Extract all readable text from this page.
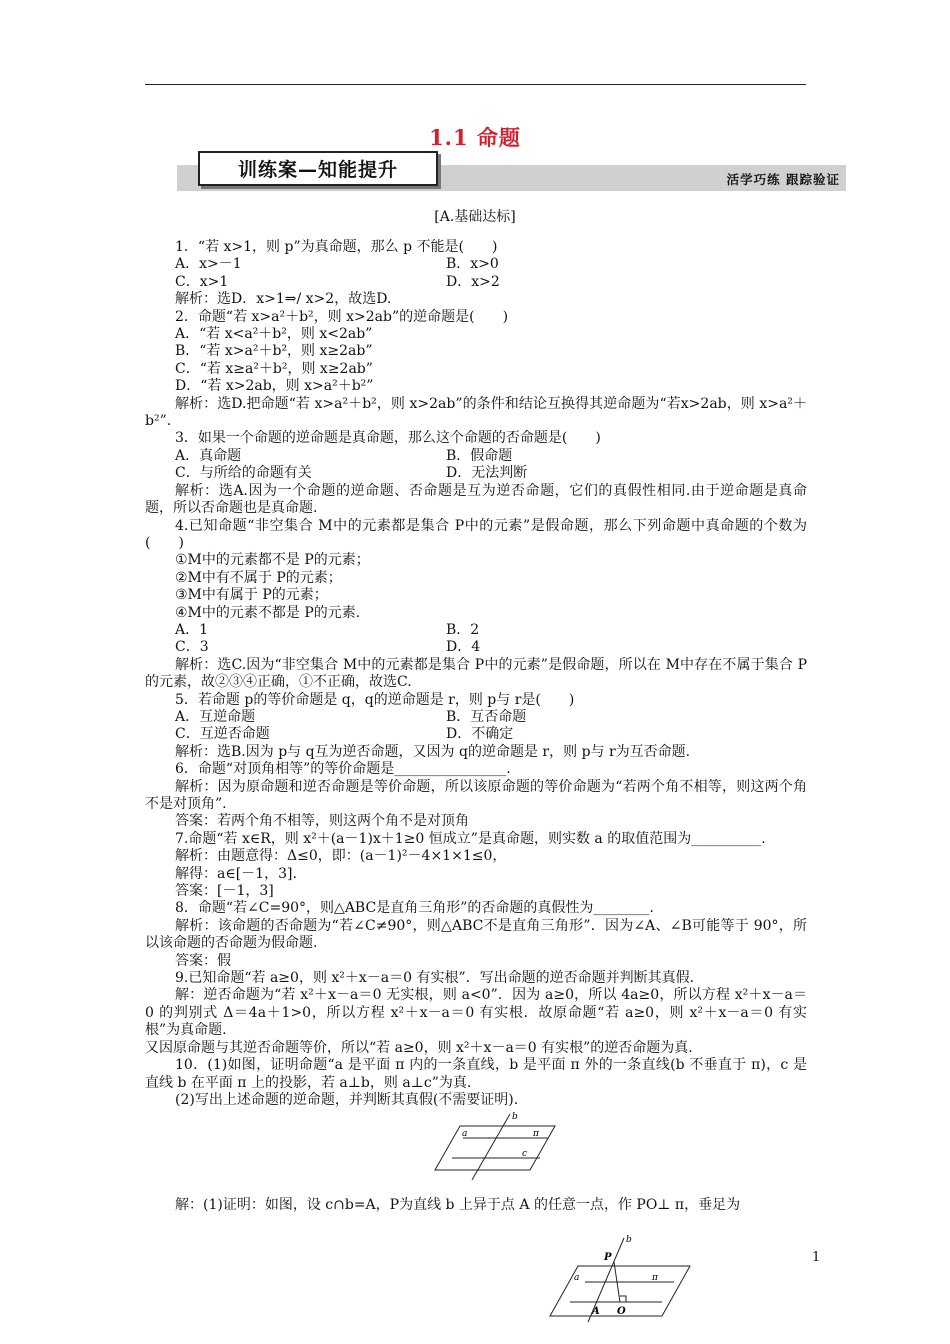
1.1 命题
训练案—知能提升	活学巧练 跟踪验证
[A.基础达标]

1．“若 x>1，则 p”为真命题，那么 p 不能是(　　)

A．x>－1	B．x>0
C．x>1	D．x>2

解析：选D．x>1⇒/ x>2，故选D.

2．命题“若 x>a²＋b²，则 x>2ab”的逆命题是(　　)

A．“若 x<a²＋b²，则 x<2ab”

B．“若 x>a²＋b²，则 x≥2ab”

C．“若 x≥a²＋b²，则 x≥2ab”

D．“若 x>2ab，则 x>a²＋b²”

解析：选D.把命题“若 x>a²＋b²，则 x>2ab”的条件和结论互换得其逆命题为“若x>2ab，则 x>a²＋b²”.

3．如果一个命题的逆命题是真命题，那么这个命题的否命题是(　　)

A．真命题	B．假命题
C．与所给的命题有关	D．无法判断

解析：选A.因为一个命题的逆命题、否命题是互为逆否命题，它们的真假性相同.由于逆命题是真命题，所以否命题也是真命题.

4.已知命题“非空集合 M中的元素都是集合 P中的元素”是假命题，那么下列命题中真命题的个数为(　　)

①M中的元素都不是 P的元素；

②M中有不属于 P的元素；

③M中有属于 P的元素；

④M中的元素不都是 P的元素.

A．1	B．2
C．3	D．4

解析：选C.因为“非空集合 M中的元素都是集合 P中的元素”是假命题，所以在 M中存在不属于集合 P的元素，故②③④正确，①不正确，故选C.

5．若命题 p的等价命题是 q，q的逆命题是 r，则 p与 r是(　　)

A．互逆命题	B．互否命题
C．互逆否命题	D．不确定

解析：选B.因为 p与 q互为逆否命题，又因为 q的逆命题是 r，则 p与 r为互否命题.

6．命题“对顶角相等”的等价命题是________________.

解析：因为原命题和逆否命题是等价命题，所以该原命题的等价命题为“若两个角不相等，则这两个角不是对顶角”.

答案：若两个角不相等，则这两个角不是对顶角

7.命题“若 x∈R，则 x²＋(a－1)x＋1≥0 恒成立”是真命题，则实数 a 的取值范围为__________.

解析：由题意得：Δ≤0，即：(a－1)²－4×1×1≤0，

解得：a∈[－1，3].

答案：[－1，3]

8．命题“若∠C=90°，则△ABC是直角三角形”的否命题的真假性为________.

解析：该命题的否命题为“若∠C≠90°，则△ABC不是直角三角形”．因为∠A、∠B可能等于 90°，所以该命题的否命题为假命题.

答案：假

9.已知命题“若 a≥0，则 x²＋x－a＝0 有实根”．写出命题的逆否命题并判断其真假.

解：逆否命题为“若 x²＋x－a＝0 无实根，则 a<0”．因为 a≥0，所以 4a≥0，所以方程 x²＋x－a＝0 的判别式 Δ＝4a＋1>0，所以方程 x²＋x－a＝0 有实根．故原命题“若 a≥0，则 x²＋x－a＝0 有实根”为真命题.

又因原命题与其逆否命题等价，所以“若 a≥0，则 x²＋x－a＝0 有实根”的逆否命题为真.

10．(1)如图，证明命题“a 是平面 π 内的一条直线，b 是平面 π 外的一条直线(b 不垂直于 π)，c 是直线 b 在平面 π 上的投影，若 a⊥b，则 a⊥c”为真.

(2)写出上述命题的逆命题，并判断其真假(不需要证明).

解：(1)证明：如图，设 c∩b=A，P为直线 b 上异于点 A 的任意一点，作 PO⊥ π，垂足为

b
a	π
c
b
P
a	π
A O
1
